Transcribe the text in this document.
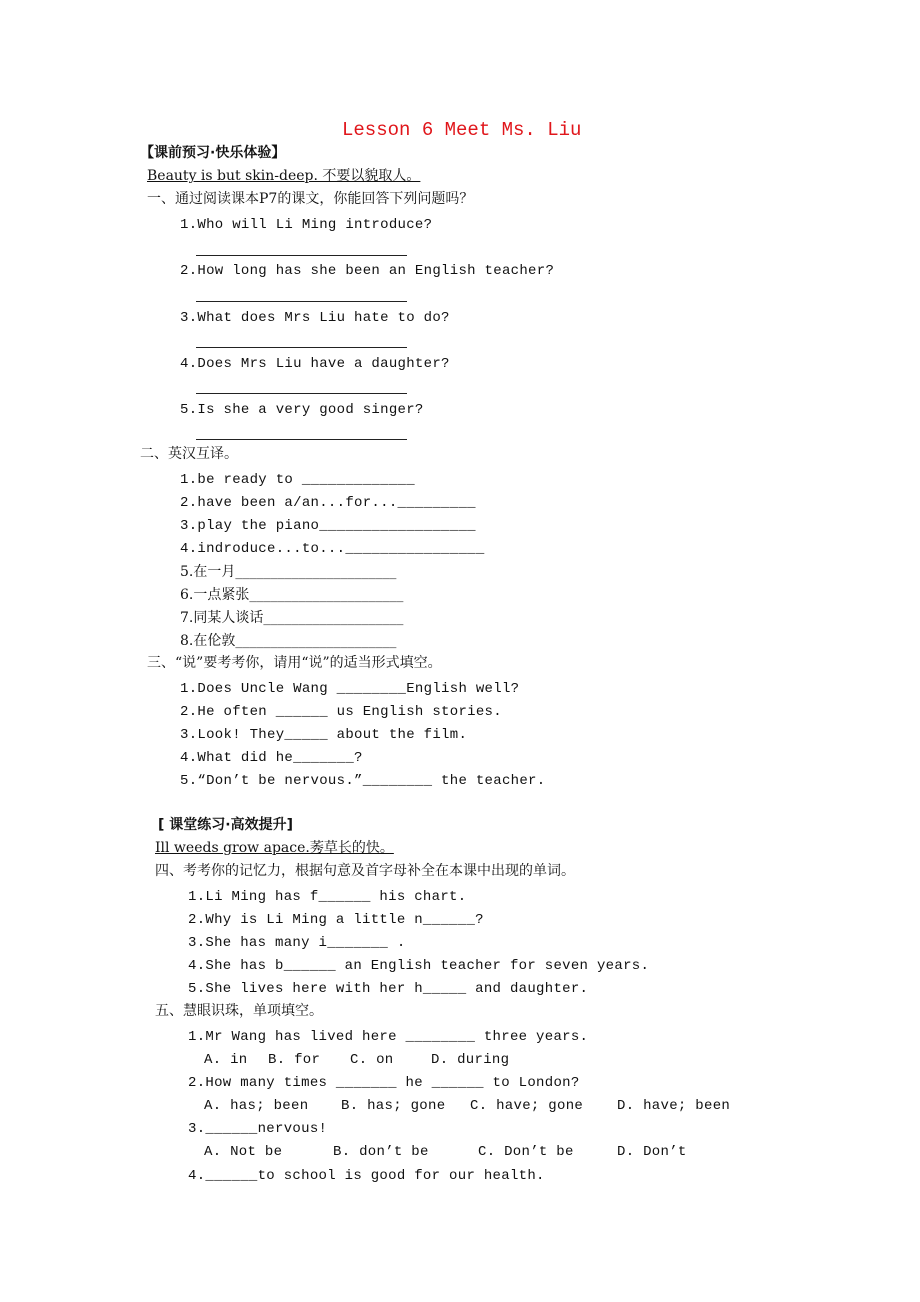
Lesson 6 Meet Ms. Liu
【课前预习·快乐体验】
Beauty is but skin-deep. 不要以貌取人。
一、通过阅读课本P7的课文，你能回答下列问题吗？
1.Who will Li Ming introduce?
2.How long has she been an English teacher?
3.What does Mrs Liu hate to do?
4.Does Mrs Liu have a daughter?
5.Is she a very good singer?
二、英汉互译。
1.be ready to _____________
2.have been a/an...for..._________
3.play the piano__________________
4.indroduce...to...________________
5.在一月_______________________
6.一点紧张______________________
7.同某人谈话____________________
8.在伦敦_______________________
三、“说”要考考你，请用“说”的适当形式填空。
1.Does Uncle Wang ________English well?
2.He often ______ us English stories.
3.Look! They_____ about the film.
4.What did he_______?
5.“Don’t be nervous.”________ the teacher.
[ 课堂练习·高效提升]
Ill weeds grow apace.莠草长的快。
四、考考你的记忆力，根据句意及首字母补全在本课中出现的单词。
1.Li Ming has f______ his chart.
2.Why is Li Ming a little n______?
3.She has many i_______ .
4.She has b______ an English teacher for seven years.
5.She lives here with her h_____ and daughter.
五、慧眼识珠，单项填空。
1.Mr Wang has lived here ________ three years.
A. in B. for C. on	D. during
2.How many times _______ he ______ to London?
A. has; been B. has; gone C. have; gone D. have; been
3.______nervous!
A. Not be	B. don’t be	C. Don’t be	D. Don’t
4.______to school is good for our health.
